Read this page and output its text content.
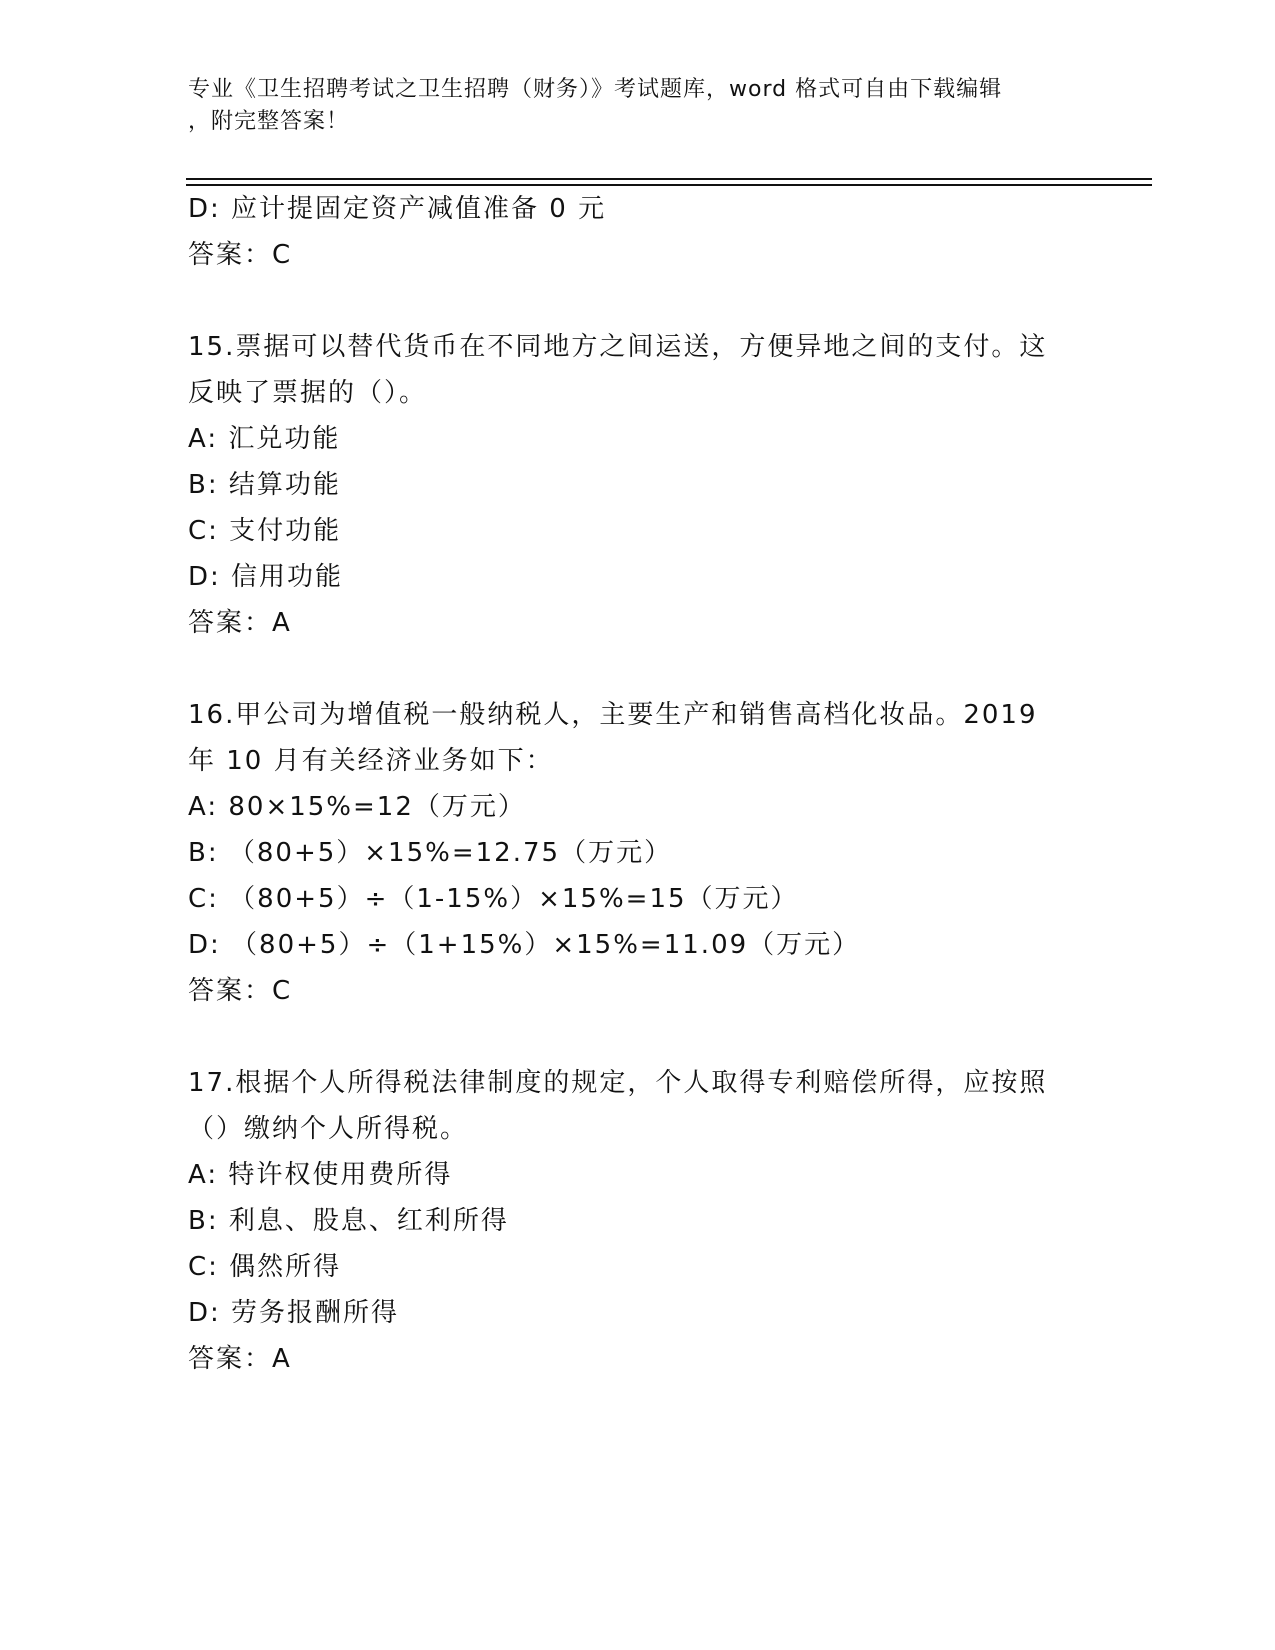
专业《卫生招聘考试之卫生招聘（财务）》考试题库，word 格式可自由下载编辑
，附完整答案！
D: 应计提固定资产减值准备 0 元
答案：C
15.票据可以替代货币在不同地方之间运送，方便异地之间的支付。这
反映了票据的（）。
A: 汇兑功能
B: 结算功能
C: 支付功能
D: 信用功能
答案：A
16.甲公司为增值税一般纳税人，主要生产和销售高档化妆品。2019
年 10 月有关经济业务如下：
A: 80×15%=12（万元）
B: （80+5）×15%=12.75（万元）
C: （80+5）÷（1-15%）×15%=15（万元）
D: （80+5）÷（1+15%）×15%=11.09（万元）
答案：C
17.根据个人所得税法律制度的规定，个人取得专利赔偿所得，应按照
（）缴纳个人所得税。
A: 特许权使用费所得
B: 利息、股息、红利所得
C: 偶然所得
D: 劳务报酬所得
答案：A
